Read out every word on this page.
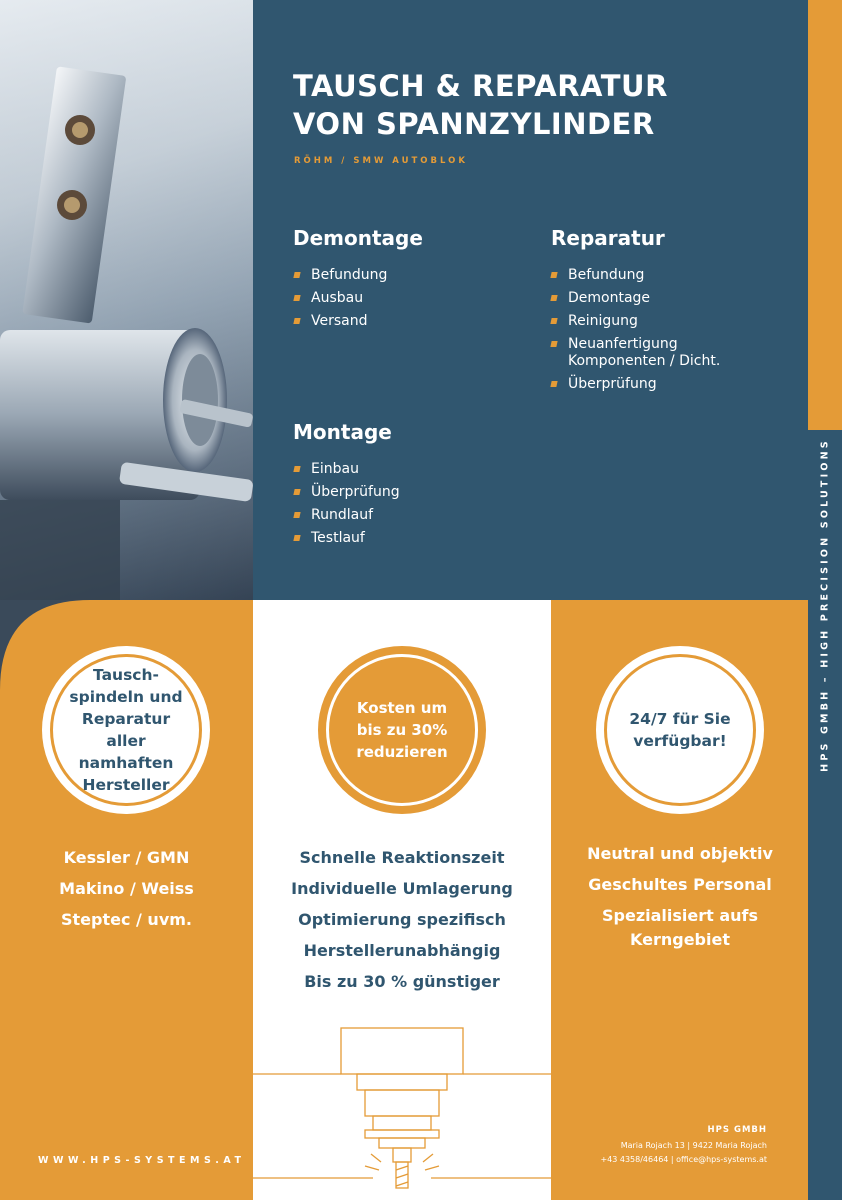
HPS GMBH – HIGH PRECISION SOLUTIONS
TAUSCH & REPARATUR
VON SPANNZYLINDER
RÖHM / SMW AUTOBLOK
Demontage
Befundung
Ausbau
Versand
Reparatur
Befundung
Demontage
Reinigung
Neuanfertigung Komponenten / Dicht.
Überprüfung
Montage
Einbau
Überprüfung
Rundlauf
Testlauf
Tausch-spindeln und Reparatur aller namhaften Hersteller
Kosten um bis zu 30% reduzieren
24/7 für Sie verfügbar!
Kessler / GMN
Makino / Weiss
Steptec / uvm.
Schnelle Reaktionszeit
Individuelle Umlagerung
Optimierung spezifisch
Herstellerunabhängig
Bis zu 30 % günstiger
Neutral und objektiv
Geschultes Personal
Spezialisiert aufs Kerngebiet
WWW.HPS-SYSTEMS.AT
HPS GMBH
Maria Rojach 13 | 9422 Maria Rojach
+43 4358/46464 | office@hps-systems.at
